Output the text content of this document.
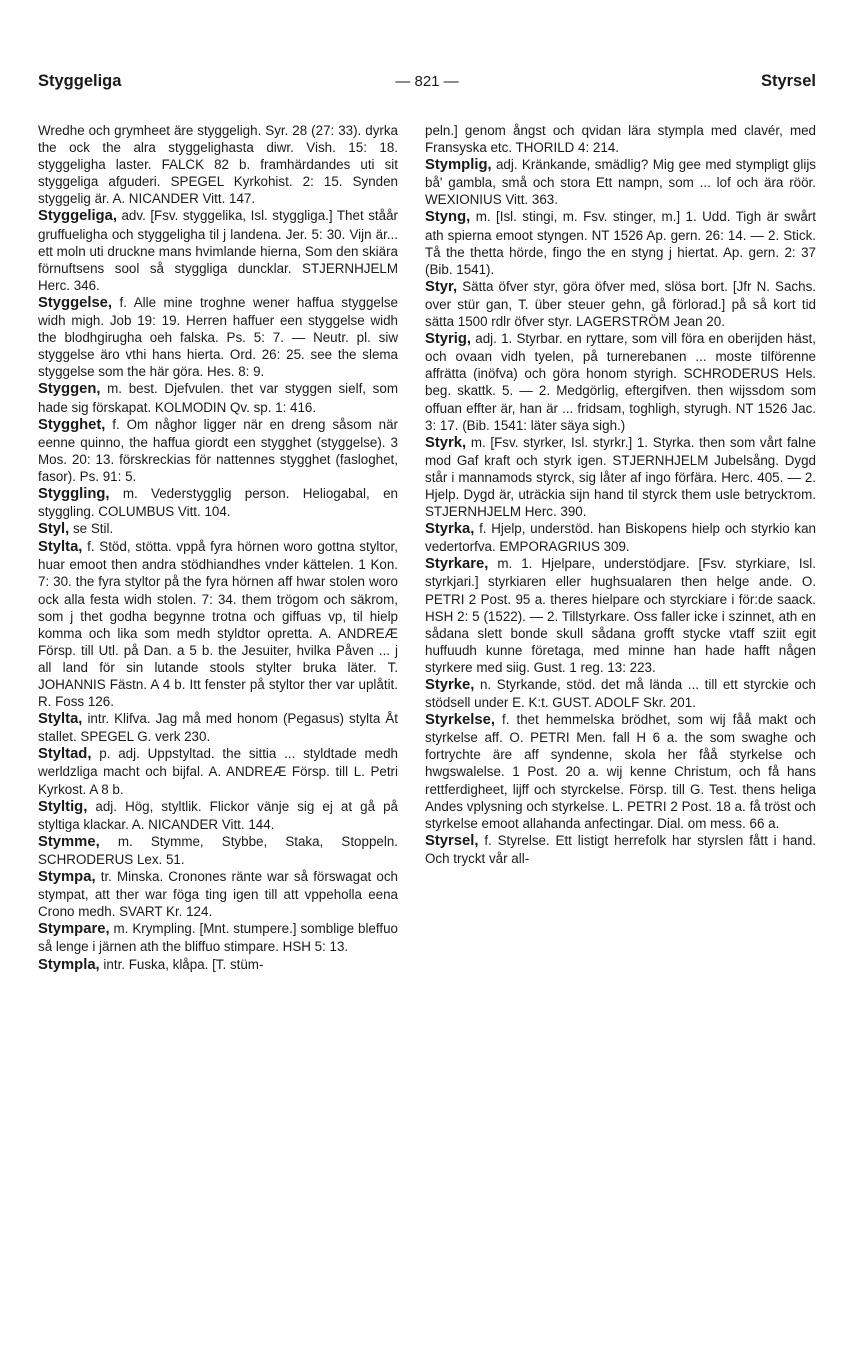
Styggeliga	— 821 —	Styrsel

Wredhe och grymheet äre styggeligh. Syr. 28 (27: 33). dyrka the ock the alra styggelighasta diwr. Vish. 15: 18. styggeligha laster. FALCK 82 b. framhärdandes uti sit styggeliga afguderi. SPEGEL Kyrkohist. 2: 15. Synden styggelig är. A. NICANDER Vitt. 147.

Styggeliga, adv. [Fsv. styggelika, Isl. styggliga.] Thet ståår gruffueligha och styggeligha til j landena. Jer. 5: 30. Vijn är... ett moln uti druckne mans hvimlande hierna, Som den skiära förnuftsens sool så styggliga duncklar. STJERNHJELM Herc. 346.

Styggelse, f. Alle mine troghne wener haffua styggelse widh migh. Job 19: 19. Herren haffuer een styggelse widh the blodhgirugha oeh falska. Ps. 5: 7. — Neutr. pl. siw styggelse äro vthi hans hierta. Ord. 26: 25. see the slema styggelse som the här göra. Hes. 8: 9.

Styggen, m. best. Djefvulen. thet var styggen sielf, som hade sig förskapat. KOLMODIN Qv. sp. 1: 416.

Stygghet, f. Om någhor ligger när en dreng såsom när eenne quinno, the haffua giordt een stygghet (styggelse). 3 Mos. 20: 13. förskreckias för nattennes stygghet (fasloghet, fasor). Ps. 91: 5.

Styggling, m. Vederstygglig person. Heliogabal, en styggling. COLUMBUS Vitt. 104.

Styl, se Stil.

Stylta, f. Stöd, stötta. vppå fyra hörnen woro gottna styltor, huar emoot then andra stödhiandhes vnder kättelen. 1 Kon. 7: 30. the fyra styltor på the fyra hörnen aff hwar stolen woro ock alla festa widh stolen. 7: 34. them trögom och säkrom, som j thet godha begynne trotna och giffuas vp, til hielp komma och lika som medh styldtor opretta. A. ANDREÆ Försp. till Utl. på Dan. a 5 b. the Jesuiter, hvilka Påven ... j all land för sin lutande stools stylter bruka läter. T. JOHANNIS Fästn. A 4 b. Itt fenster på styltor ther var uplåtit. R. Foss 126.

Stylta, intr. Klifva. Jag må med honom (Pegasus) stylta Åt stallet. SPEGEL G. verk 230.

Styltad, p. adj. Uppstyltad. the sittia ... styldtade medh werldzliga macht och bijfal. A. ANDREÆ Försp. till L. Petri Kyrkost. A 8 b.

Styltig, adj. Hög, styltlik. Flickor vänje sig ej at gå på styltiga klackar. A. NICANDER Vitt. 144.

Stymme, m. Stymme, Stybbe, Staka, Stoppeln. SCHRODERUS Lex. 51.

Stympa, tr. Minska. Cronones ränte war så förswagat och stympat, att ther war föga ting igen till att vppeholla eena Crono medh. SVART Kr. 124.

Stympare, m. Krympling. [Mnt. stumpere.] somblige bleffuo så lenge i järnen ath the bliffuo stimpare. HSH 5: 13.

Stympla, intr. Fuska, klåpa. [T. stüm-

peln.] genom ångst och qvidan lära stympla med clavér, med Fransyska etc. THORILD 4: 214.

Stymplig, adj. Kränkande, smädlig? Mig gee med stympligt glijs bå' gambla, små och stora Ett nampn, som ... lof och ära röör. WEXIONIUS Vitt. 363.

Styng, m. [Isl. stingi, m. Fsv. stinger, m.] 1. Udd. Tigh är swårt ath spierna emoot styngen. NT 1526 Ap. gern. 26: 14. — 2. Stick. Tå the thetta hörde, fingo the en styng j hiertat. Ap. gern. 2: 37 (Bib. 1541).

Styr, Sätta öfver styr, göra öfver med, slösa bort. [Jfr N. Sachs. over stür gan, T. über steuer gehn, gå förlorad.] på så kort tid sätta 1500 rdlr öfver styr. LAGERSTRÖM Jean 20.

Styrig, adj. 1. Styrbar. en ryttare, som vill föra en oberijden häst, och ovaan vidh tyelen, på turnerebanen ... moste tilförenne affrätta (inöfva) och göra honom styrigh. SCHRODERUS Hels. beg. skattk. 5. — 2. Medgörlig, eftergifven. then wijssdom som offuan effter är, han är ... fridsam, toghligh, styrugh. NT 1526 Jac. 3: 17. (Bib. 1541: läter säya sigh.)

Styrk, m. [Fsv. styrker, Isl. styrkr.] 1. Styrka. then som vårt falne mod Gaf kraft och styrk igen. STJERNHJELM Jubelsång. Dygd står i mannamods styrck, sig låter af ingo förfära. Herc. 405. — 2. Hjelp. Dygd är, uträckia sijn hand til styrck them usle betryckтom. STJERNHJELM Herc. 390.

Styrka, f. Hjelp, understöd. han Biskopens hielp och styrkio kan vedertorfva. EMPORAGRIUS 309.

Styrkare, m. 1. Hjelpare, understödjare. [Fsv. styrkiare, Isl. styrkjari.] styrkiaren eller hughsualaren then helge ande. O. PETRI 2 Post. 95 a. theres hielpare och styrckiare i för:de saack. HSH 2: 5 (1522). — 2. Tillstyrkare. Oss faller icke i szinnet, ath en sådana slett bonde skull sådana grofft stycke vtaff sziit egit huffuudh kunne företaga, med minne han hade hafft någen styrkere med siig. Gust. 1 reg. 13: 223.

Styrke, n. Styrkande, stöd. det må lända ... till ett styrckie och stödsell under E. K:t. GUST. ADOLF Skr. 201.

Styrkelse, f. thet hemmelska brödhet, som wij fåå makt och styrkelse aff. O. PETRI Men. fall H 6 a. the som swaghe och fortrychte äre aff syndenne, skola her fåå styrkelse och hwgswalelse. 1 Post. 20 a. wij kenne Christum, och få hans rettferdigheet, lijff och styrckelse. Försp. till G. Test. thens heliga Andes vplysning och styrkelse. L. PETRI 2 Post. 18 a. få tröst och styrkelse emoot allahanda anfectingar. Dial. om mess. 66 a.

Styrsel, f. Styrelse. Ett listigt herrefolk har styrslen fått i hand. Och tryckt vår all-
